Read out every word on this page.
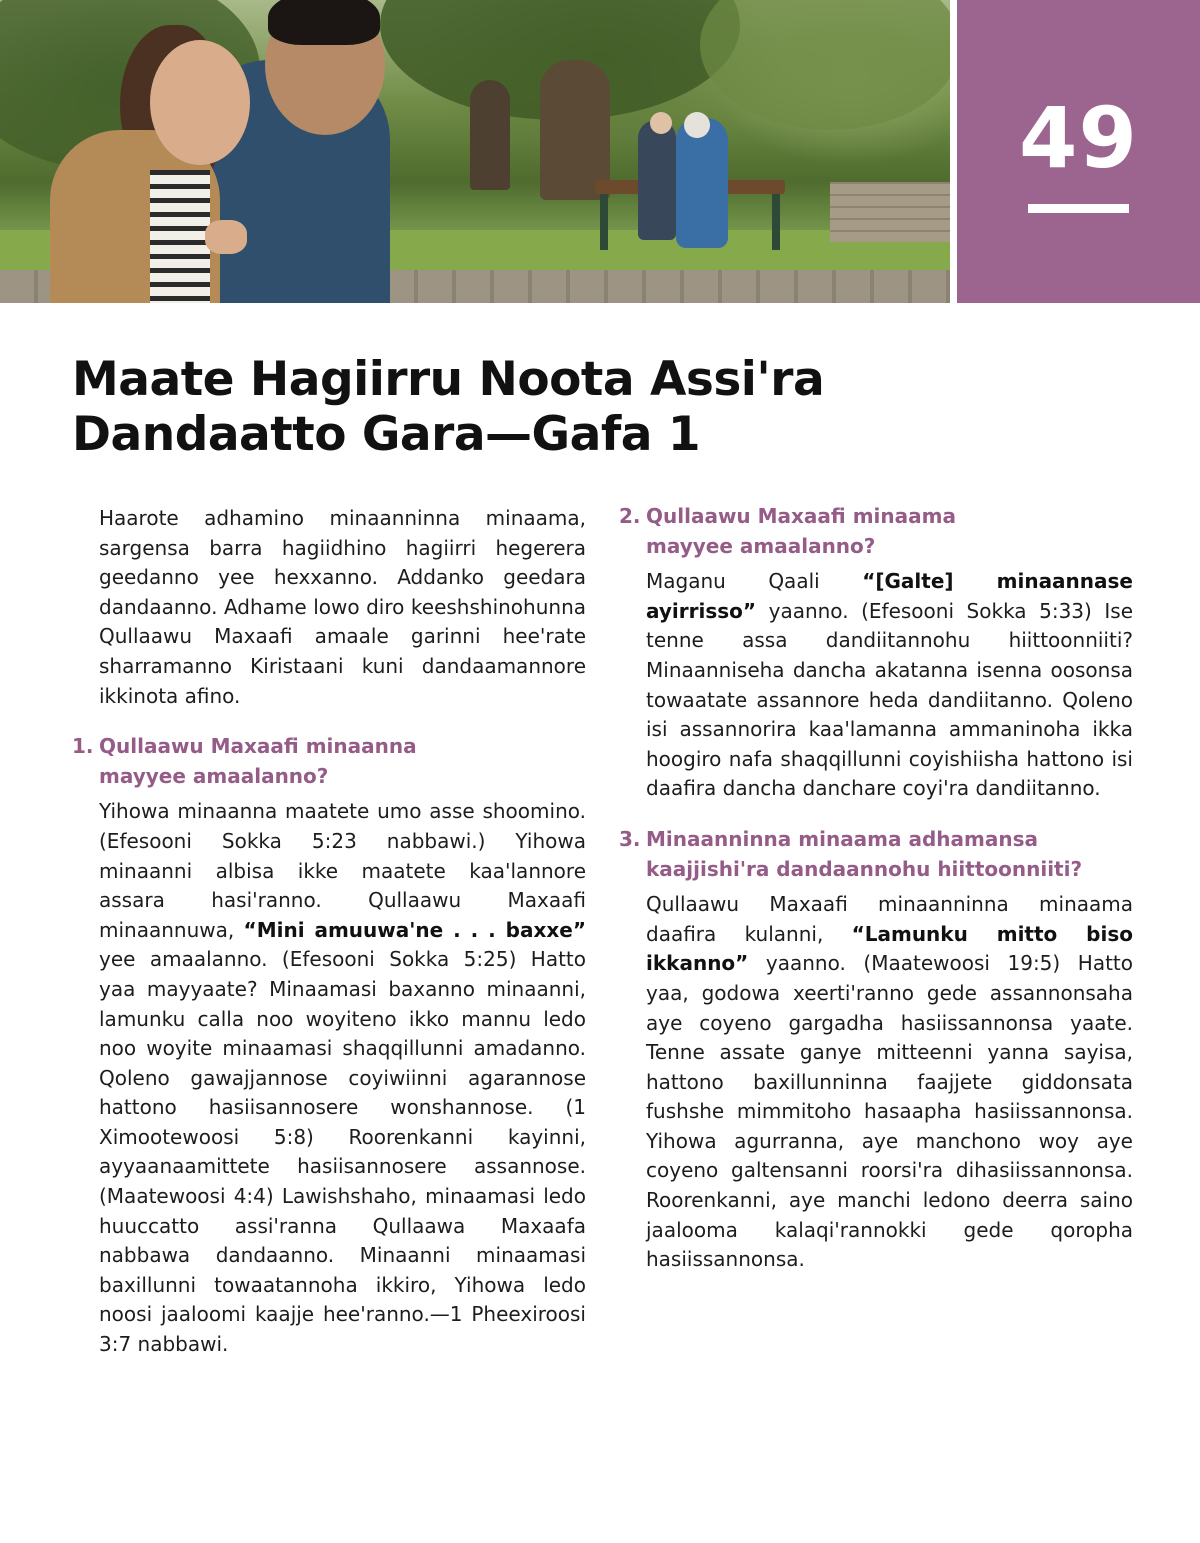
49
Maate Hagiirru Noota Assi'ra
Dandaatto Gara—Gafa 1

Haarote adhamino minaanninna minaama, sargensa barra hagiidhino hagiirri hegerera geedanno yee hexxanno. Addanko geedara dandaanno. Adhame lowo diro keeshshinohunna Qullaawu Maxaafi amaale garinni hee'rate sharramanno Kiristaani kuni dandaamannore ikkinota afino.

1. Qullaawu Maxaafi minaanna
mayyee amaalanno?

Yihowa minaanna maatete umo asse shoomino. (Efesooni Sokka 5:23 nabbawi.) Yihowa minaanni albisa ikke maatete kaa'lannore assara hasi'ranno. Qullaawu Maxaafi minaannuwa, “Mini amuuwa'ne . . . baxxe” yee amaalanno. (Efesooni Sokka 5:25) Hatto yaa mayyaate? Minaamasi baxanno minaanni, lamunku calla noo woyiteno ikko mannu ledo noo woyite minaamasi shaqqillunni amadanno. Qoleno gawajjannose coyiwiinni agarannose hattono hasiisannosere wonshannose. (1 Ximootewoosi 5:8) Roorenkanni kayinni, ayyaanaamittete hasiisannosere assannose. (Maatewoosi 4:4) Lawishshaho, minaamasi ledo huuccatto assi'ranna Qullaawa Maxaafa nabbawa dandaanno. Minaanni minaamasi baxillunni towaatannoha ikkiro, Yihowa ledo noosi jaaloomi kaajje hee'ranno.—1 Pheexiroosi 3:7 nabbawi.

2. Qullaawu Maxaafi minaama
mayyee amaalanno?

Maganu Qaali “[Galte] minaannase ayirrisso” yaanno. (Efesooni Sokka 5:33) Ise tenne assa dandiitannohu hiittoonniiti? Minaanniseha dancha akatanna isenna oosonsa towaatate assannore heda dandiitanno. Qoleno isi assannorira kaa'lamanna ammaninoha ikka hoogiro nafa shaqqillunni coyishiisha hattono isi daafira dancha danchare coyi'ra dandiitanno.

3. Minaanninna minaama adhamansa
kaajjishi'ra dandaannohu hiittoonniiti?

Qullaawu Maxaafi minaanninna minaama daafira kulanni, “Lamunku mitto biso ikkanno” yaanno. (Maatewoosi 19:5) Hatto yaa, godowa xeerti'ranno gede assannonsaha aye coyeno gargadha hasiissannonsa yaate. Tenne assate ganye mitteenni yanna sayisa, hattono baxillunninna faajjete giddonsata fushshe mimmitoho hasaapha hasiissannonsa. Yihowa agurranna, aye manchono woy aye coyeno galtensanni roorsi'ra dihasiissannonsa. Roorenkanni, aye manchi ledono deerra saino jaalooma kalaqi'rannokki gede qoropha hasiissannonsa.
